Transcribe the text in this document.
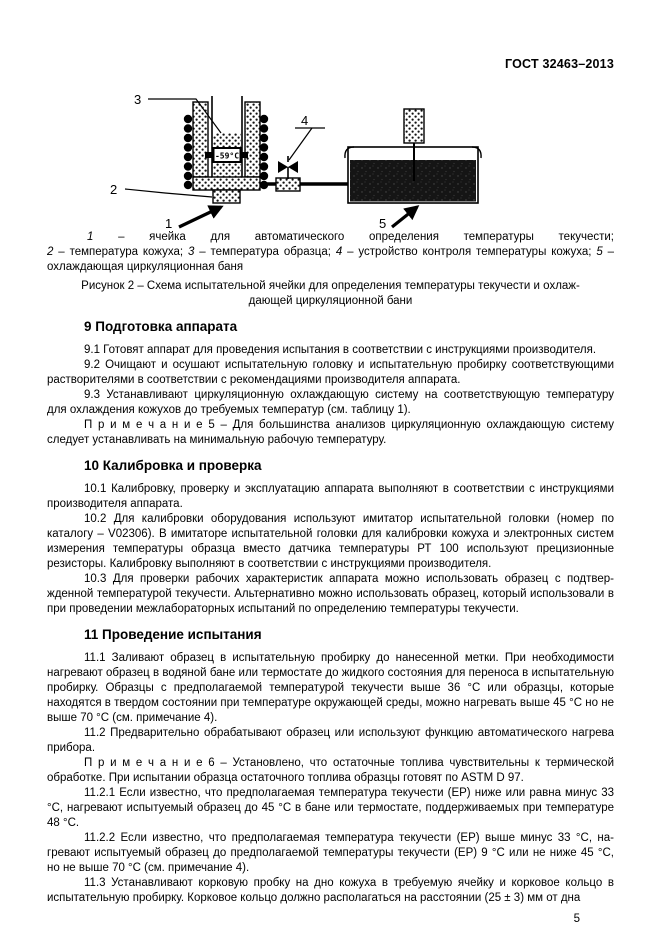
ГОСТ 32463–2013
-59°C
3
2
1
4
5
1 – ячейка для автоматического определения температуры текучести;
2 – температура кожуха; 3 – температура образца; 4 – устройство контроля температуры кожуха; 5 – охлаждающая циркуляционная баня
Рисунок 2 – Схема испытательной ячейки для определения температуры текучести и охлаж-
дающей циркуляционной бани
9 Подготовка аппарата

9.1 Готовят аппарат для проведения испытания в соответствии с инструкциями производителя.

9.2 Очищают и осушают испытательную головку и испытательную пробирку соответствующими растворителями в соответствии с рекомендациями производителя аппарата.

9.3 Устанавливают циркуляционную охлаждающую систему на соответствующую температуру для охлаждения кожухов до требуемых температур (см. таблицу 1).

П р и м е ч а н и е 5 – Для большинства анализов циркуляционную охлаждающую систему следует устанавливать на минимальную рабочую температуру.

10 Калибровка и проверка

10.1 Калибровку, проверку и эксплуатацию аппарата выполняют в соответствии с инструкциями производителя аппарата.

10.2 Для калибровки оборудования используют имитатор испытательной головки (номер по каталогу – V02306). В имитаторе испытательной головки для калибровки кожуха и электронных систем измерения температуры образца вместо датчика температуры РТ 100 используют прецизионные резисторы. Калибровку выполняют в соответствии с инструкциями производителя.

10.3 Для проверки рабочих характеристик аппарата можно использовать образец с подтвержденной температурой текучести. Альтернативно можно использовать образец, который использовали в при проведении межлабораторных испытаний по определению температуры текучести.

11 Проведение испытания

11.1 Заливают образец в испытательную пробирку до нанесенной метки. При необходимости нагревают образец в водяной бане или термостате до жидкого состояния для переноса в испытательную пробирку. Образцы с предполагаемой температурой текучести выше 36 °С или образцы, которые находятся в твердом состоянии при температуре окружающей среды, можно нагревать выше 45 °С но не выше 70 °С (см. примечание 4).

11.2 Предварительно обрабатывают образец или используют функцию автоматического нагрева прибора.

П р и м е ч а н и е 6 – Установлено, что остаточные топлива чувствительны к термической обработке. При испытании образца остаточного топлива образцы готовят по ASTM D 97.

11.2.1 Если известно, что предполагаемая температура текучести (ЕР) ниже или равна минус 33 °С, нагревают испытуемый образец до 45 °С в бане или термостате, поддерживаемых при температуре 48 °С.

11.2.2 Если известно, что предполагаемая температура текучести (ЕР) выше минус 33 °С, нагревают испытуемый образец до предполагаемой температуры текучести (ЕР) 9 °С или не ниже 45 °С, но не выше 70 °С (см. примечание 4).

11.3 Устанавливают корковую пробку на дно кожуха в требуемую ячейку и корковое кольцо в испытательную пробирку. Корковое кольцо должно располагаться на расстоянии (25 ± 3) мм от дна

5
